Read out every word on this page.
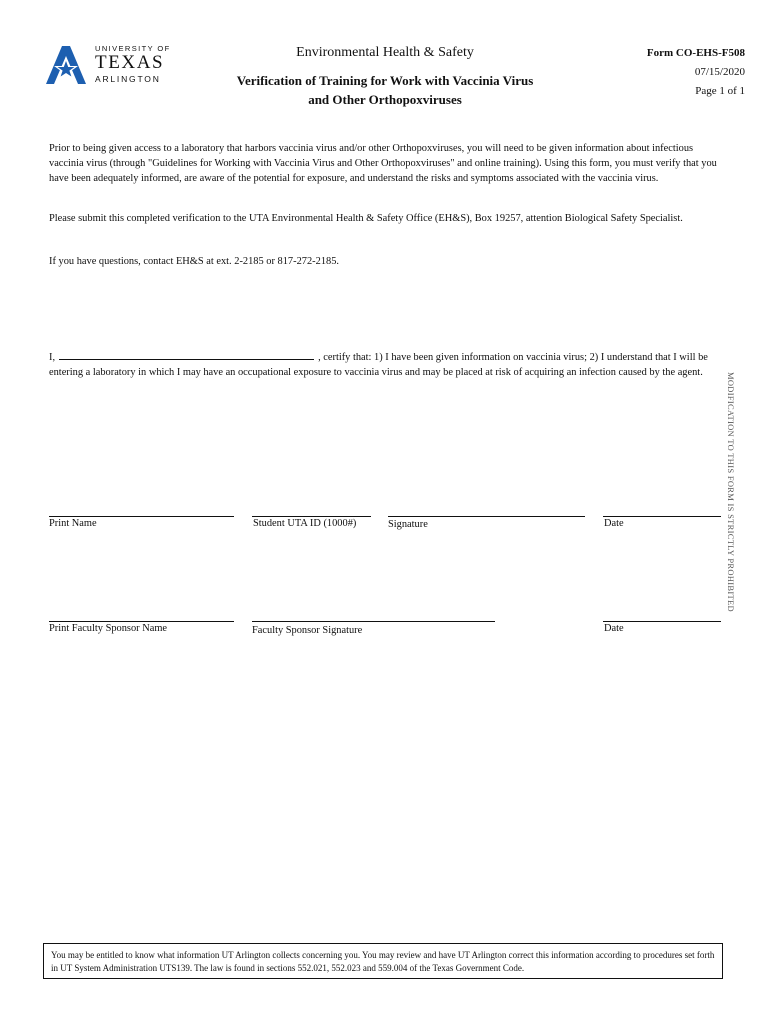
UNIVERSITY OF
TEXAS
ARLINGTON
Environmental Health & Safety
Verification of Training for Work with Vaccinia Virus
and Other Orthopoxviruses
Form CO-EHS-F508
07/15/2020
Page 1 of 1
Prior to being given access to a laboratory that harbors vaccinia virus and/or other Orthopoxviruses, you will need to be given information about infectious vaccinia virus (through "Guidelines for Working with Vaccinia Virus and Other Orthopoxviruses" and online training). Using this form, you must verify that you have been adequately informed, are aware of the potential for exposure, and understand the risks and symptoms associated with the vaccinia virus.
Please submit this completed verification to the UTA Environmental Health & Safety Office (EH&S), Box 19257, attention Biological Safety Specialist.
If you have questions, contact EH&S at ext. 2-2185 or 817-272-2185.
I,	, certify that: 1) I have been given information on vaccinia virus; 2) I understand that I will be entering a laboratory in which I may have an occupational exposure to vaccinia virus and may be placed at risk of acquiring an infection caused by the agent.
Print Name	Student UTA ID (1000#)	Signature	Date
Print Faculty Sponsor Name	Faculty Sponsor Signature	Date
MODIFICATION TO THIS FORM IS STRICTLY PROHIBITED
You may be entitled to know what information UT Arlington collects concerning you. You may review and have UT Arlington correct this information according to procedures set forth in UT System Administration UTS139. The law is found in sections 552.021, 552.023 and 559.004 of the Texas Government Code.
